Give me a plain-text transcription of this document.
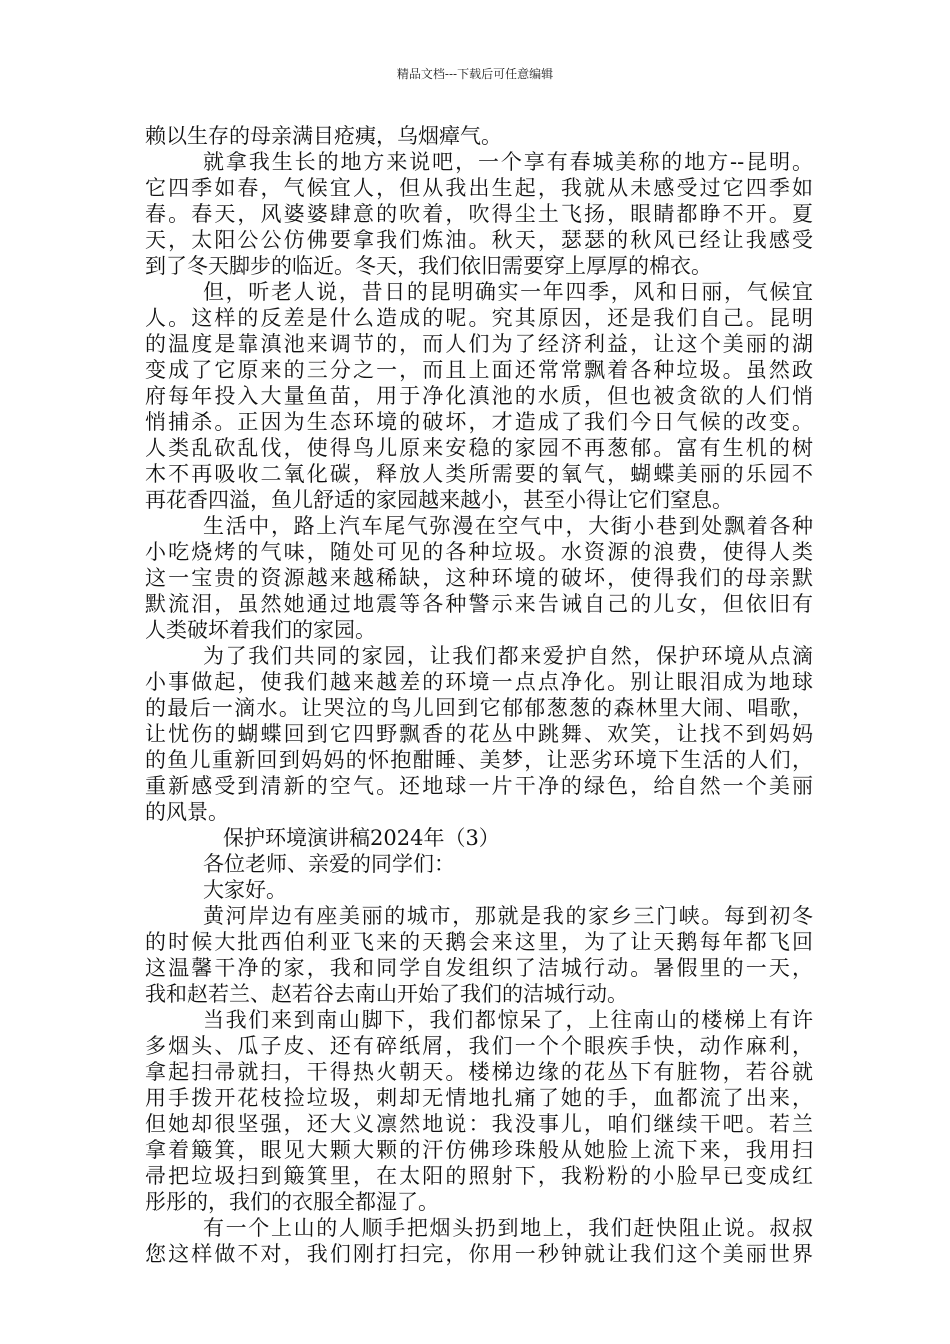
精品文档---下载后可任意编辑
赖以生存的母亲满目疮痍，乌烟瘴气。
就拿我生长的地方来说吧，一个享有春城美称的地方--昆明。
它四季如春，气候宜人，但从我出生起，我就从未感受过它四季如
春。春天，风婆婆肆意的吹着，吹得尘土飞扬，眼睛都睁不开。夏
天，太阳公公仿佛要拿我们炼油。秋天，瑟瑟的秋风已经让我感受
到了冬天脚步的临近。冬天，我们依旧需要穿上厚厚的棉衣。
但，听老人说，昔日的昆明确实一年四季，风和日丽，气候宜
人。这样的反差是什么造成的呢。究其原因，还是我们自己。昆明
的温度是靠滇池来调节的，而人们为了经济利益，让这个美丽的湖
变成了它原来的三分之一，而且上面还常常飘着各种垃圾。虽然政
府每年投入大量鱼苗，用于净化滇池的水质，但也被贪欲的人们悄
悄捕杀。正因为生态环境的破坏，才造成了我们今日气候的改变。
人类乱砍乱伐，使得鸟儿原来安稳的家园不再葱郁。富有生机的树
木不再吸收二氧化碳，释放人类所需要的氧气，蝴蝶美丽的乐园不
再花香四溢，鱼儿舒适的家园越来越小，甚至小得让它们窒息。
生活中，路上汽车尾气弥漫在空气中，大街小巷到处飘着各种
小吃烧烤的气味，随处可见的各种垃圾。水资源的浪费，使得人类
这一宝贵的资源越来越稀缺，这种环境的破坏，使得我们的母亲默
默流泪，虽然她通过地震等各种警示来告诫自己的儿女，但依旧有
人类破坏着我们的家园。
为了我们共同的家园，让我们都来爱护自然，保护环境从点滴
小事做起，使我们越来越差的环境一点点净化。别让眼泪成为地球
的最后一滴水。让哭泣的鸟儿回到它郁郁葱葱的森林里大闹、唱歌，
让忧伤的蝴蝶回到它四野飘香的花丛中跳舞、欢笑，让找不到妈妈
的鱼儿重新回到妈妈的怀抱酣睡、美梦，让恶劣环境下生活的人们，
重新感受到清新的空气。还地球一片干净的绿色，给自然一个美丽
的风景。
保护环境演讲稿2024年（3）
各位老师、亲爱的同学们：
大家好。
黄河岸边有座美丽的城市，那就是我的家乡三门峡。每到初冬
的时候大批西伯利亚飞来的天鹅会来这里，为了让天鹅每年都飞回
这温馨干净的家，我和同学自发组织了洁城行动。暑假里的一天，
我和赵若兰、赵若谷去南山开始了我们的洁城行动。
当我们来到南山脚下，我们都惊呆了，上往南山的楼梯上有许
多烟头、瓜子皮、还有碎纸屑，我们一个个眼疾手快，动作麻利，
拿起扫帚就扫，干得热火朝天。楼梯边缘的花丛下有脏物，若谷就
用手拨开花枝捡垃圾，刺却无情地扎痛了她的手，血都流了出来，
但她却很坚强，还大义凛然地说：我没事儿，咱们继续干吧。若兰
拿着簸箕，眼见大颗大颗的汗仿佛珍珠般从她脸上流下来，我用扫
帚把垃圾扫到簸箕里，在太阳的照射下，我粉粉的小脸早已变成红
彤彤的，我们的衣服全都湿了。
有一个上山的人顺手把烟头扔到地上，我们赶快阻止说。叔叔
您这样做不对，我们刚打扫完，你用一秒钟就让我们这个美丽世界
